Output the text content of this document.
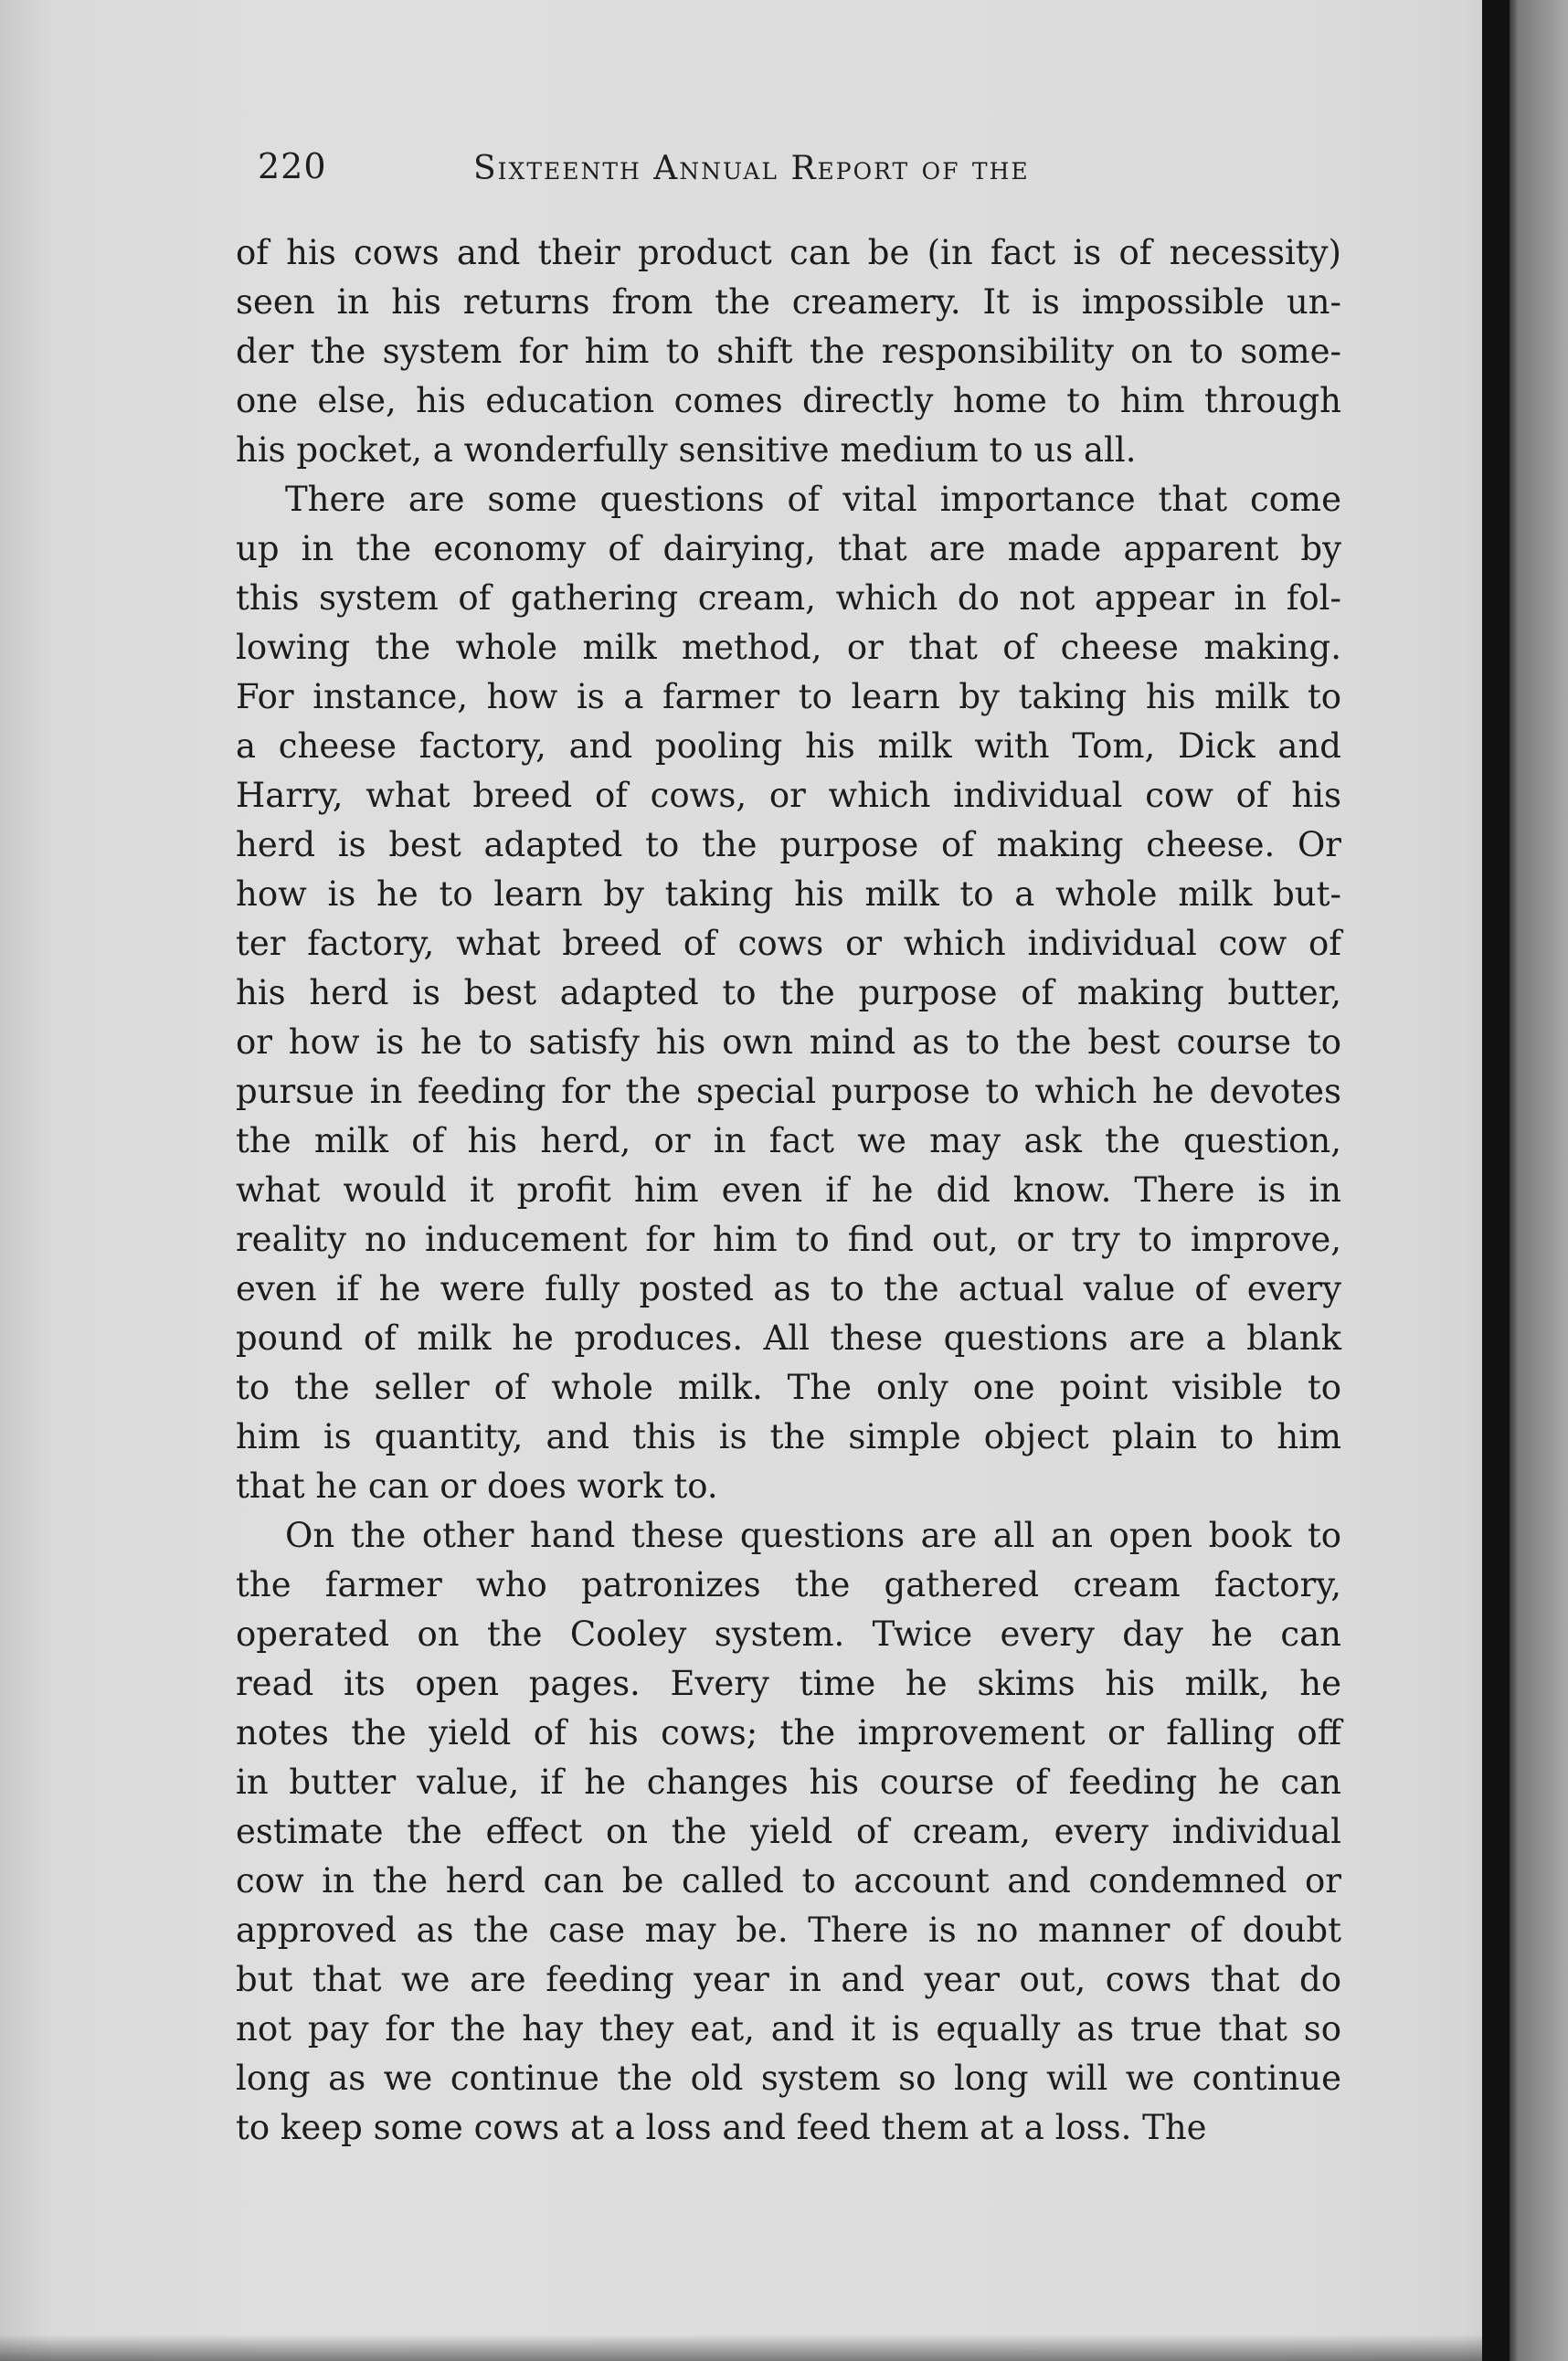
220	Sixteenth Annual Report of the
of his cows and their product can be (in fact is of necessity)
seen in his returns from the creamery. It is impossible un-
der the system for him to shift the responsibility on to some-
one else, his education comes directly home to him through
his pocket, a wonderfully sensitive medium to us all.
There are some questions of vital importance that come
up in the economy of dairying, that are made apparent by
this system of gathering cream, which do not appear in fol-
lowing the whole milk method, or that of cheese making.
For instance, how is a farmer to learn by taking his milk to
a cheese factory, and pooling his milk with Tom, Dick and
Harry, what breed of cows, or which individual cow of his
herd is best adapted to the purpose of making cheese. Or
how is he to learn by taking his milk to a whole milk but-
ter factory, what breed of cows or which individual cow of
his herd is best adapted to the purpose of making butter,
or how is he to satisfy his own mind as to the best course to
pursue in feeding for the special purpose to which he devotes
the milk of his herd, or in fact we may ask the question,
what would it profit him even if he did know. There is in
reality no inducement for him to find out, or try to improve,
even if he were fully posted as to the actual value of every
pound of milk he produces. All these questions are a blank
to the seller of whole milk. The only one point visible to
him is quantity, and this is the simple object plain to him
that he can or does work to.
On the other hand these questions are all an open book to
the farmer who patronizes the gathered cream factory,
operated on the Cooley system. Twice every day he can
read its open pages. Every time he skims his milk, he
notes the yield of his cows; the improvement or falling off
in butter value, if he changes his course of feeding he can
estimate the effect on the yield of cream, every individual
cow in the herd can be called to account and condemned or
approved as the case may be. There is no manner of doubt
but that we are feeding year in and year out, cows that do
not pay for the hay they eat, and it is equally as true that so
long as we continue the old system so long will we continue
to keep some cows at a loss and feed them at a loss. The
